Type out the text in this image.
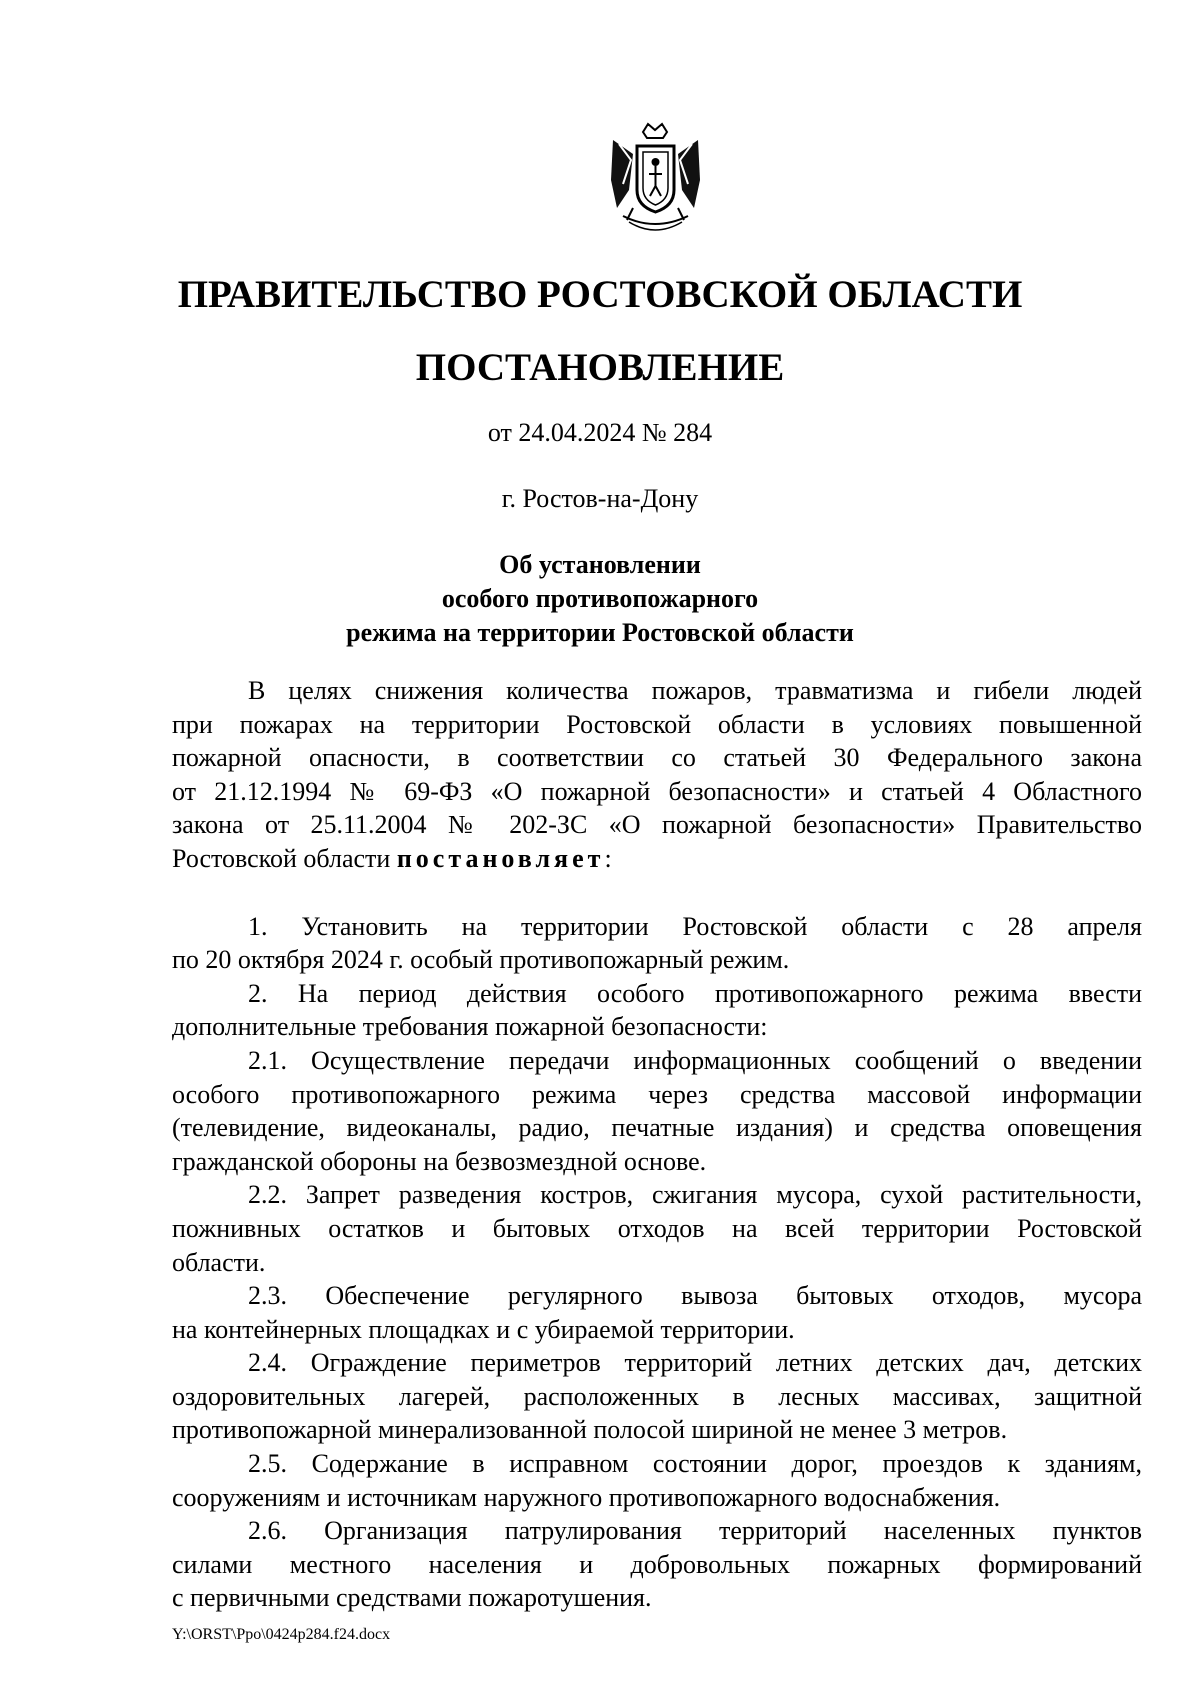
ПРАВИТЕЛЬСТВО РОСТОВСКОЙ ОБЛАСТИ
ПОСТАНОВЛЕНИЕ
от 24.04.2024 № 284
г. Ростов-на-Дону
Об установлении
особого противопожарного
режима на территории Ростовской области

В целях снижения количества пожаров, травматизма и гибели людей
при пожарах на территории Ростовской области в условиях повышенной
пожарной опасности, в соответствии со статьей 30 Федерального закона
от 21.12.1994 № 69-ФЗ «О пожарной безопасности» и статьей 4 Областного
закона от 25.11.2004 № 202-ЗС «О пожарной безопасности» Правительство
Ростовской области постановляет:

1. Установить на территории Ростовской области с 28 апреля
по 20 октября 2024 г. особый противопожарный режим.

2. На период действия особого противопожарного режима ввести
дополнительные требования пожарной безопасности:

2.1. Осуществление передачи информационных сообщений о введении
особого противопожарного режима через средства массовой информации
(телевидение, видеоканалы, радио, печатные издания) и средства оповещения
гражданской обороны на безвозмездной основе.

2.2. Запрет разведения костров, сжигания мусора, сухой растительности,
пожнивных остатков и бытовых отходов на всей территории Ростовской
области.

2.3. Обеспечение регулярного вывоза бытовых отходов, мусора
на контейнерных площадках и с убираемой территории.

2.4. Ограждение периметров территорий летних детских дач, детских
оздоровительных лагерей, расположенных в лесных массивах, защитной
противопожарной минерализованной полосой шириной не менее 3 метров.

2.5. Содержание в исправном состоянии дорог, проездов к зданиям,
сооружениям и источникам наружного противопожарного водоснабжения.

2.6. Организация патрулирования территорий населенных пунктов
силами местного населения и добровольных пожарных формирований
с первичными средствами пожаротушения.

Y:\ORST\Ppo\0424p284.f24.docx
